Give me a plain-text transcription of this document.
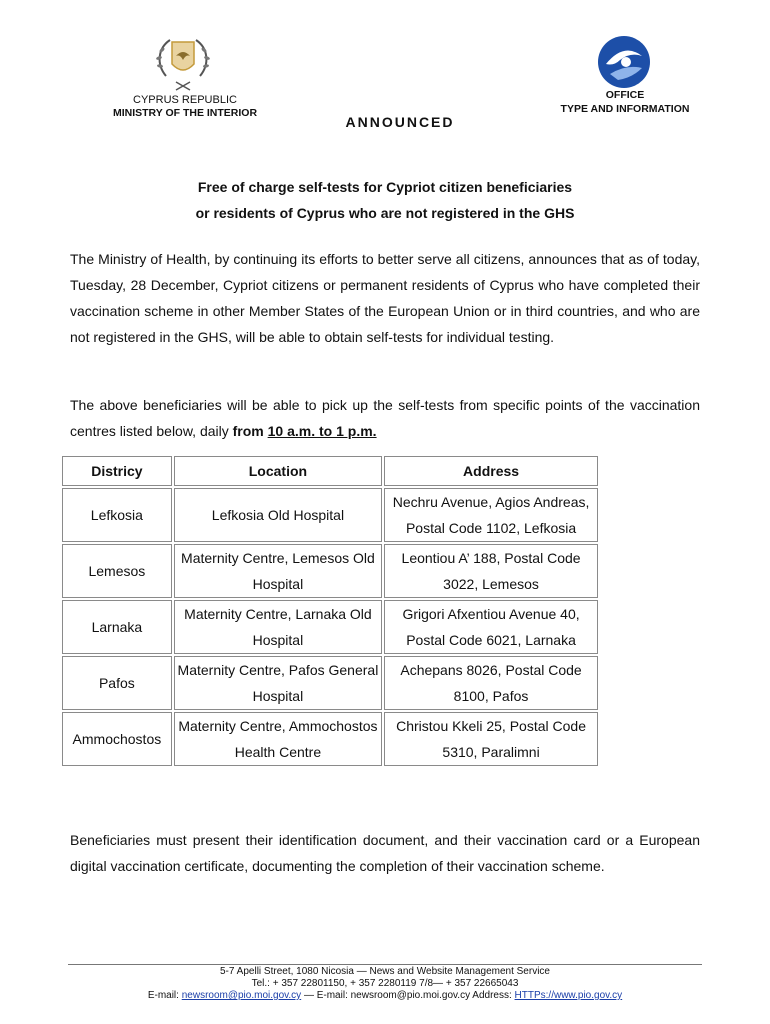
CYPRUS REPUBLIC
MINISTRY OF THE INTERIOR
OFFICE
TYPE AND INFORMATION
ANNOUNCED
Free of charge self-tests for Cypriot citizen beneficiaries
or residents of Cyprus who are not registered in the GHS
The Ministry of Health, by continuing its efforts to better serve all citizens, announces that as of today, Tuesday, 28 December, Cypriot citizens or permanent residents of Cyprus who have completed their vaccination scheme in other Member States of the European Union or in third countries, and who are not registered in the GHS, will be able to obtain self-tests for individual testing.
The above beneficiaries will be able to pick up the self-tests from specific points of the vaccination centres listed below, daily from 10 a.m. to 1 p.m.
Districy	Location	Address
Lefkosia	Lefkosia Old Hospital	Nechru Avenue, Agios Andreas, Postal Code 1102, Lefkosia
Lemesos	Maternity Centre, Lemesos Old Hospital	Leontiou A’ 188, Postal Code 3022, Lemesos
Larnaka	Maternity Centre, Larnaka Old Hospital	Grigori Afxentiou Avenue 40, Postal Code 6021, Larnaka
Pafos	Maternity Centre, Pafos General Hospital	Achepans 8026, Postal Code 8100, Pafos
Ammochostos	Maternity Centre, Ammochostos Health Centre	Christou Kkeli 25, Postal Code 5310, Paralimni
Beneficiaries must present their identification document, and their vaccination card or a European digital vaccination certificate, documenting the completion of their vaccination scheme.
5-7 Apelli Street, 1080 Nicosia — News and Website Management Service
Tel.: + 357 22801150, + 357 2280119 7/8— + 357 22665043
E-mail: newsroom@pio.moi.gov.cy — E-mail: newsroom@pio.moi.gov.cy Address: HTTPs://www.pio.gov.cy
